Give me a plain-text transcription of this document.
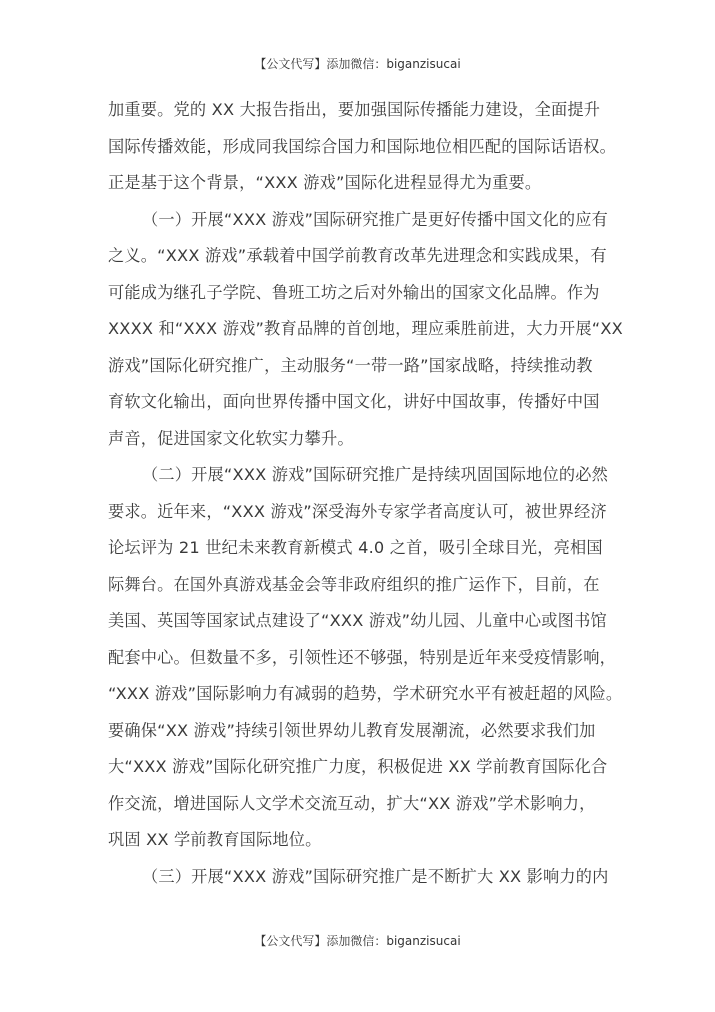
【公文代写】添加微信：biganzisucai
加重要。党的 XX 大报告指出，要加强国际传播能力建设，全面提升
国际传播效能，形成同我国综合国力和国际地位相匹配的国际话语权。
正是基于这个背景，“XXX 游戏”国际化进程显得尤为重要。
（一）开展“XXX 游戏”国际研究推广是更好传播中国文化的应有
之义。“XXX 游戏”承载着中国学前教育改革先进理念和实践成果，有
可能成为继孔子学院、鲁班工坊之后对外输出的国家文化品牌。作为
XXXX 和“XXX 游戏”教育品牌的首创地，理应乘胜前进，大力开展“XX
游戏”国际化研究推广，主动服务“一带一路”国家战略，持续推动教
育软文化输出，面向世界传播中国文化，讲好中国故事，传播好中国
声音，促进国家文化软实力攀升。
（二）开展“XXX 游戏”国际研究推广是持续巩固国际地位的必然
要求。近年来，“XXX 游戏”深受海外专家学者高度认可，被世界经济
论坛评为 21 世纪未来教育新模式 4.0 之首，吸引全球目光，亮相国
际舞台。在国外真游戏基金会等非政府组织的推广运作下，目前，在
美国、英国等国家试点建设了“XXX 游戏”幼儿园、儿童中心或图书馆
配套中心。但数量不多，引领性还不够强，特别是近年来受疫情影响，
“XXX 游戏”国际影响力有减弱的趋势，学术研究水平有被赶超的风险。
要确保“XX 游戏”持续引领世界幼儿教育发展潮流，必然要求我们加
大“XXX 游戏”国际化研究推广力度，积极促进 XX 学前教育国际化合
作交流，增进国际人文学术交流互动，扩大“XX 游戏”学术影响力，
巩固 XX 学前教育国际地位。
（三）开展“XXX 游戏”国际研究推广是不断扩大 XX 影响力的内
【公文代写】添加微信：biganzisucai
